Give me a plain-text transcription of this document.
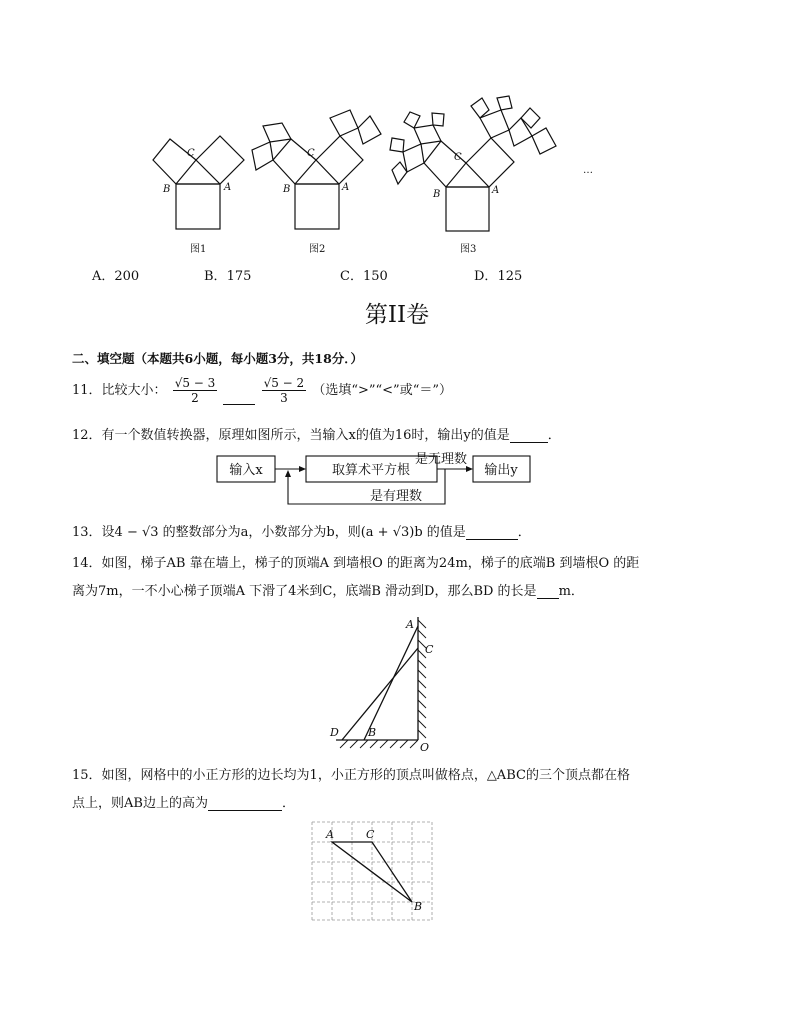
C
B	A
C
B	A
C
B	A
图1	图2	图3
…
A．200	B．175	C．150	D．125
第II卷
二、填空题（本题共6小题，每小题3分，共18分．）
11．比较大小： $\frac{√5 - 3}{2}$
	$\frac{√5 - 2}{3}$ （选填“>”“<”或“＝”）
12．有一个数值转换器，原理如图所示，当输入x的值为16时，输出y的值是	．
输入x	取算术平方根	输出y
是无理数
是有理数
13．设4 − √3 的整数部分为a，小数部分为b，则(a + √3)b 的值是	．
14．如图，梯子AB 靠在墙上，梯子的顶端A 到墙根O 的距离为24m，梯子的底端B 到墙根O 的距
离为7m，一不小心梯子顶端A 下滑了4米到C，底端B 滑动到D，那么BD 的长是 m．
A
C
D	B
O
15．如图，网格中的小正方形的边长均为1，小正方形的顶点叫做格点，△ABC的三个顶点都在格
点上，则AB边上的高为	．
A	C
B
